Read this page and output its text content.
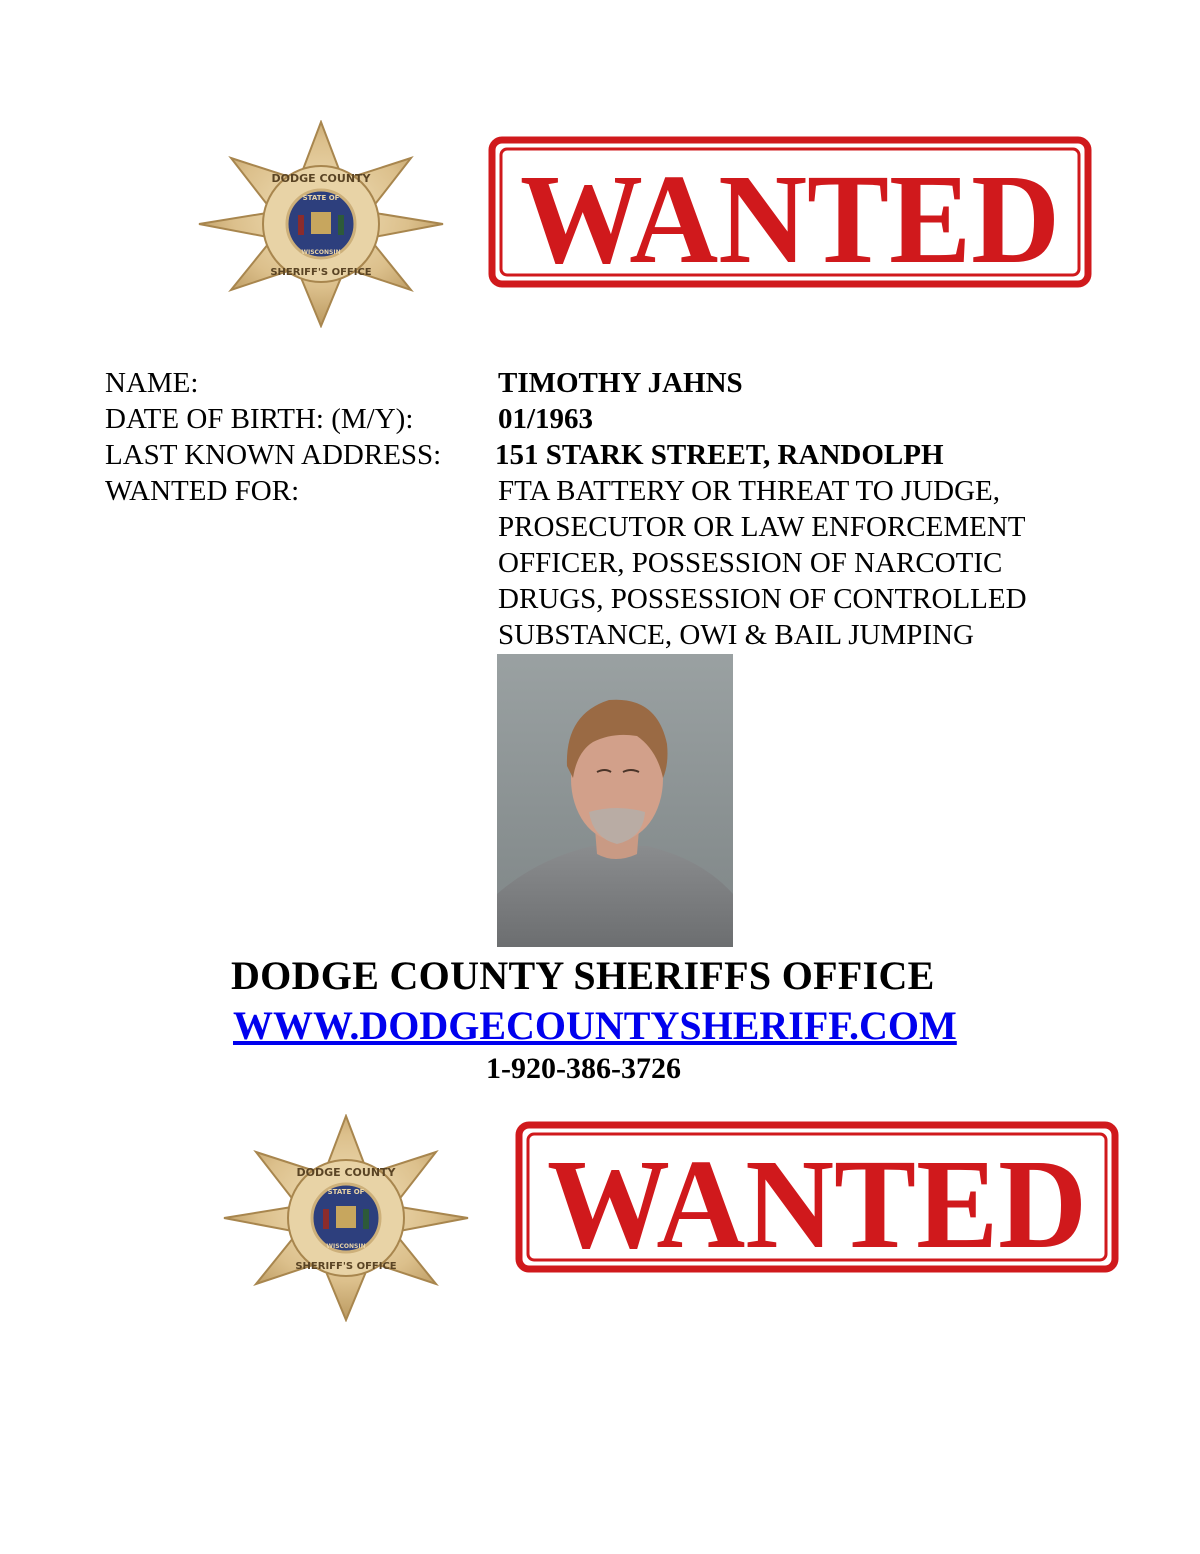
DODGE COUNTY
STATE OF
WISCONSIN
SHERIFF'S OFFICE WANTED
NAME:	TIMOTHY JAHNS
DATE OF BIRTH: (M/Y):	01/1963
LAST KNOWN ADDRESS: 151 STARK STREET, RANDOLPH
WANTED FOR:	FTA BATTERY OR THREAT TO JUDGE,
PROSECUTOR OR LAW ENFORCEMENT
OFFICER, POSSESSION OF NARCOTIC
DRUGS, POSSESSION OF CONTROLLED
SUBSTANCE, OWI & BAIL JUMPING
DODGE COUNTY SHERIFFS OFFICE
WWW.DODGECOUNTYSHERIFF.COM
1-920-386-3726
DODGE COUNTY
STATE OF
WISCONSIN
SHERIFF'S OFFICE WANTED
